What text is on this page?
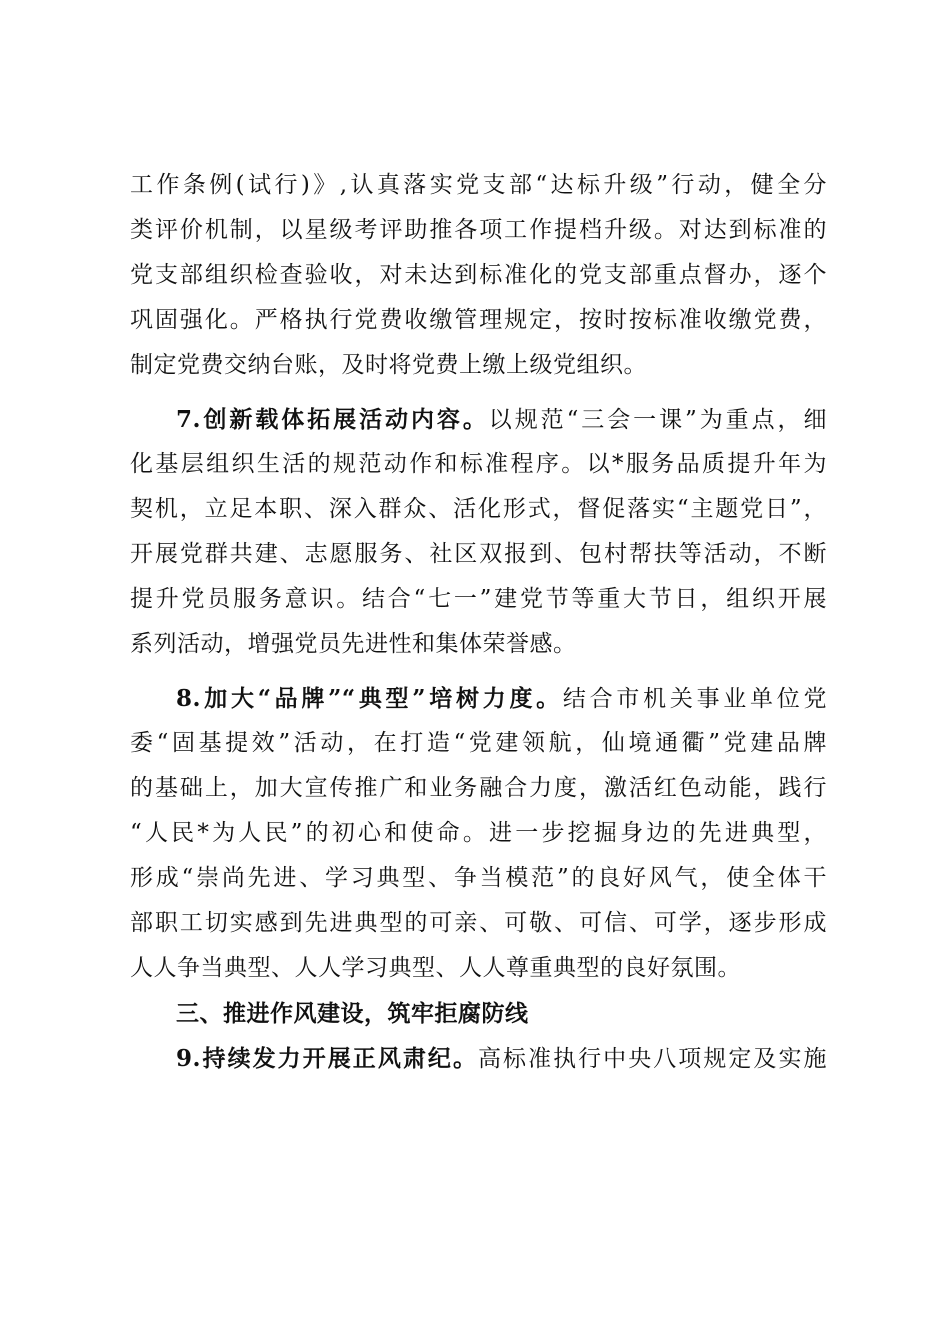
工作条例(试行)》,认真落实党支部“达标升级”行动，健全分
类评价机制，以星级考评助推各项工作提档升级。对达到标准的
党支部组织检查验收，对未达到标准化的党支部重点督办，逐个
巩固强化。严格执行党费收缴管理规定，按时按标准收缴党费，
制定党费交纳台账，及时将党费上缴上级党组织。
7.创新载体拓展活动内容。以规范“三会一课”为重点，细
化基层组织生活的规范动作和标准程序。以*服务品质提升年为
契机，立足本职、深入群众、活化形式，督促落实“主题党日”，
开展党群共建、志愿服务、社区双报到、包村帮扶等活动，不断
提升党员服务意识。结合“七一”建党节等重大节日，组织开展
系列活动，增强党员先进性和集体荣誉感。
8.加大“品牌”“典型”培树力度。结合市机关事业单位党
委“固基提效”活动，在打造“党建领航，仙境通衢”党建品牌
的基础上，加大宣传推广和业务融合力度，激活红色动能，践行
“人民*为人民”的初心和使命。进一步挖掘身边的先进典型，
形成“崇尚先进、学习典型、争当模范”的良好风气，使全体干
部职工切实感到先进典型的可亲、可敬、可信、可学，逐步形成
人人争当典型、人人学习典型、人人尊重典型的良好氛围。
三、推进作风建设，筑牢拒腐防线
9.持续发力开展正风肃纪。高标准执行中央八项规定及实施
